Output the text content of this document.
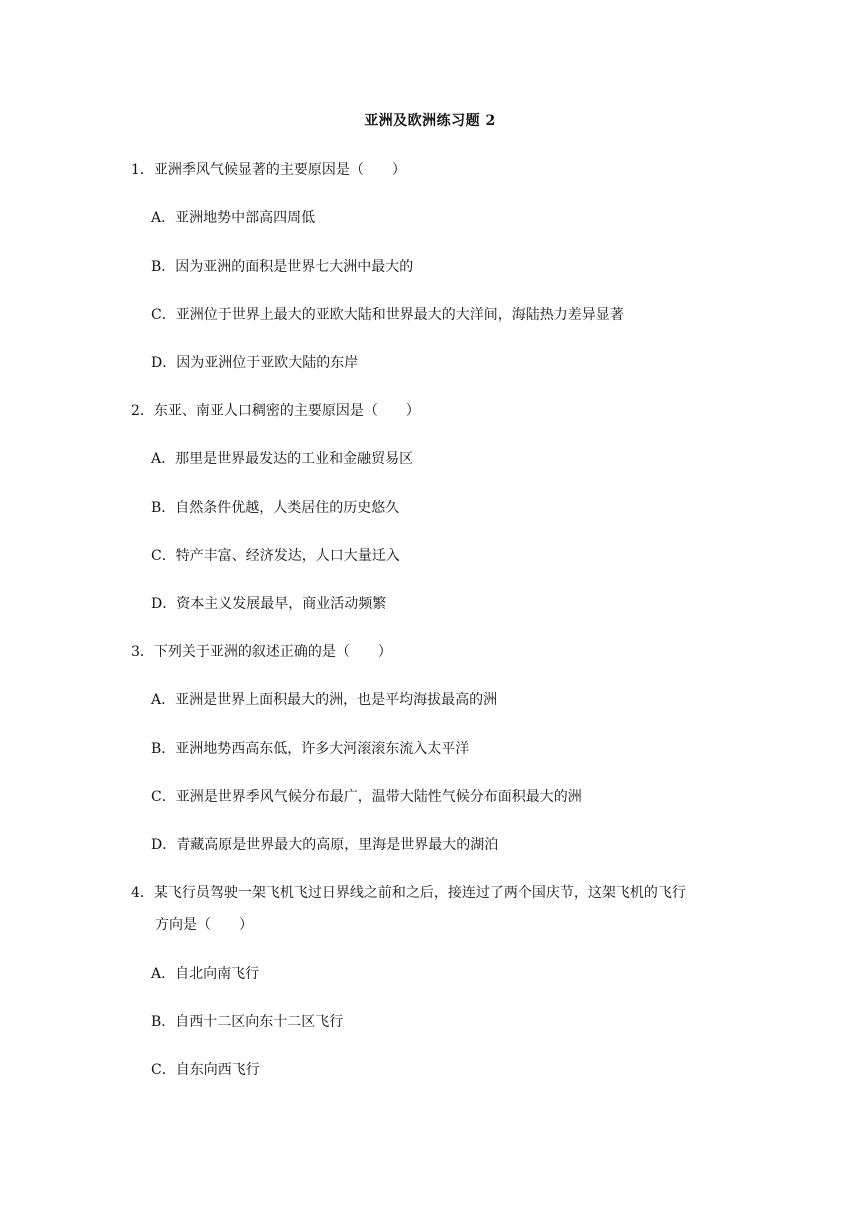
亚洲及欧洲练习题 2
1．亚洲季风气候显著的主要原因是（　　）
A．亚洲地势中部高四周低
B．因为亚洲的面积是世界七大洲中最大的
C．亚洲位于世界上最大的亚欧大陆和世界最大的大洋间，海陆热力差异显著
D．因为亚洲位于亚欧大陆的东岸
2．东亚、南亚人口稠密的主要原因是（　　）
A．那里是世界最发达的工业和金融贸易区
B．自然条件优越，人类居住的历史悠久
C．特产丰富、经济发达，人口大量迁入
D．资本主义发展最早，商业活动频繁
3．下列关于亚洲的叙述正确的是（　　）
A．亚洲是世界上面积最大的洲，也是平均海拔最高的洲
B．亚洲地势西高东低，许多大河滚滚东流入太平洋
C．亚洲是世界季风气候分布最广，温带大陆性气候分布面积最大的洲
D．青藏高原是世界最大的高原，里海是世界最大的湖泊
4．某飞行员驾驶一架飞机飞过日界线之前和之后，接连过了两个国庆节，这架飞机的飞行
方向是（　　）
A．自北向南飞行
B．自西十二区向东十二区飞行
C．自东向西飞行
